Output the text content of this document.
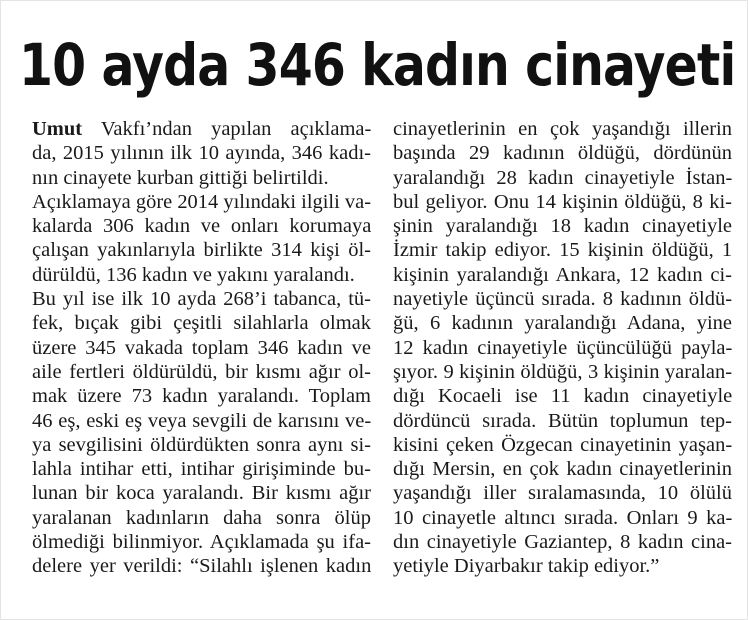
10 ayda 346 kadın cinayeti
Umut Vakfı’ndan yapılan açıklama-
da, 2015 yılının ilk 10 ayında, 346 kadı-
nın cinayete kurban gittiği belirtildi.
Açıklamaya göre 2014 yılındaki ilgili va-
kalarda 306 kadın ve onları korumaya
çalışan yakınlarıyla birlikte 314 kişi öl-
dürüldü, 136 kadın ve yakını yaralandı.
Bu yıl ise ilk 10 ayda 268’i tabanca, tü-
fek, bıçak gibi çeşitli silahlarla olmak
üzere 345 vakada toplam 346 kadın ve
aile fertleri öldürüldü, bir kısmı ağır ol-
mak üzere 73 kadın yaralandı. Toplam
46 eş, eski eş veya sevgili de karısını ve-
ya sevgilisini öldürdükten sonra aynı si-
lahla intihar etti, intihar girişiminde bu-
lunan bir koca yaralandı. Bir kısmı ağır
yaralanan kadınların daha sonra ölüp
ölmediği bilinmiyor. Açıklamada şu ifa-
delere yer verildi: “Silahlı işlenen kadın
cinayetlerinin en çok yaşandığı illerin
başında 29 kadının öldüğü, dördünün
yaralandığı 28 kadın cinayetiyle İstan-
bul geliyor. Onu 14 kişinin öldüğü, 8 ki-
şinin yaralandığı 18 kadın cinayetiyle
İzmir takip ediyor. 15 kişinin öldüğü, 1
kişinin yaralandığı Ankara, 12 kadın ci-
nayetiyle üçüncü sırada. 8 kadının öldü-
ğü, 6 kadının yaralandığı Adana, yine
12 kadın cinayetiyle üçüncülüğü payla-
şıyor. 9 kişinin öldüğü, 3 kişinin yaralan-
dığı Kocaeli ise 11 kadın cinayetiyle
dördüncü sırada. Bütün toplumun tep-
kisini çeken Özgecan cinayetinin yaşan-
dığı Mersin, en çok kadın cinayetlerinin
yaşandığı iller sıralamasında, 10 ölülü
10 cinayetle altıncı sırada. Onları 9 ka-
dın cinayetiyle Gaziantep, 8 kadın cina-
yetiyle Diyarbakır takip ediyor.”
